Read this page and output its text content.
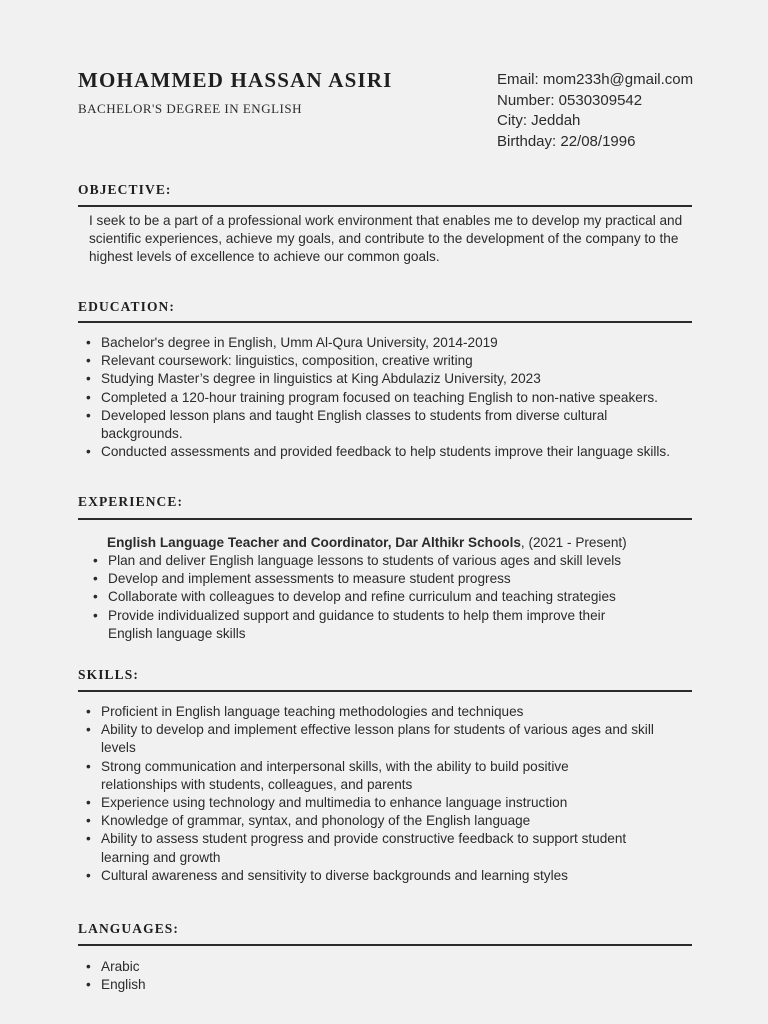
MOHAMMED HASSAN ASIRI
BACHELOR'S DEGREE IN ENGLISH
Email: mom233h@gmail.com
Number: 0530309542
City: Jeddah
Birthday: 22/08/1996
OBJECTIVE:

I seek to be a part of a professional work environment that enables me to develop my practical and scientific experiences, achieve my goals, and contribute to the development of the company to the highest levels of excellence to achieve our common goals.

EDUCATION:
• Bachelor's degree in English, Umm Al-Qura University, 2014-2019
• Relevant coursework: linguistics, composition, creative writing
• Studying Master’s degree in linguistics at King Abdulaziz University, 2023
• Completed a 120-hour training program focused on teaching English to non-native speakers.
• Developed lesson plans and taught English classes to students from diverse cultural backgrounds.
• Conducted assessments and provided feedback to help students improve their language skills.
EXPERIENCE:
English Language Teacher and Coordinator, Dar Althikr Schools, (2021 - Present)
• Plan and deliver English language lessons to students of various ages and skill levels
• Develop and implement assessments to measure student progress
• Collaborate with colleagues to develop and refine curriculum and teaching strategies
• Provide individualized support and guidance to students to help them improve their English language skills
SKILLS:
• Proficient in English language teaching methodologies and techniques
• Ability to develop and implement effective lesson plans for students of various ages and skill levels
• Strong communication and interpersonal skills, with the ability to build positive relationships with students, colleagues, and parents
• Experience using technology and multimedia to enhance language instruction
• Knowledge of grammar, syntax, and phonology of the English language
• Ability to assess student progress and provide constructive feedback to support student learning and growth
• Cultural awareness and sensitivity to diverse backgrounds and learning styles
LANGUAGES:
• Arabic
• English
